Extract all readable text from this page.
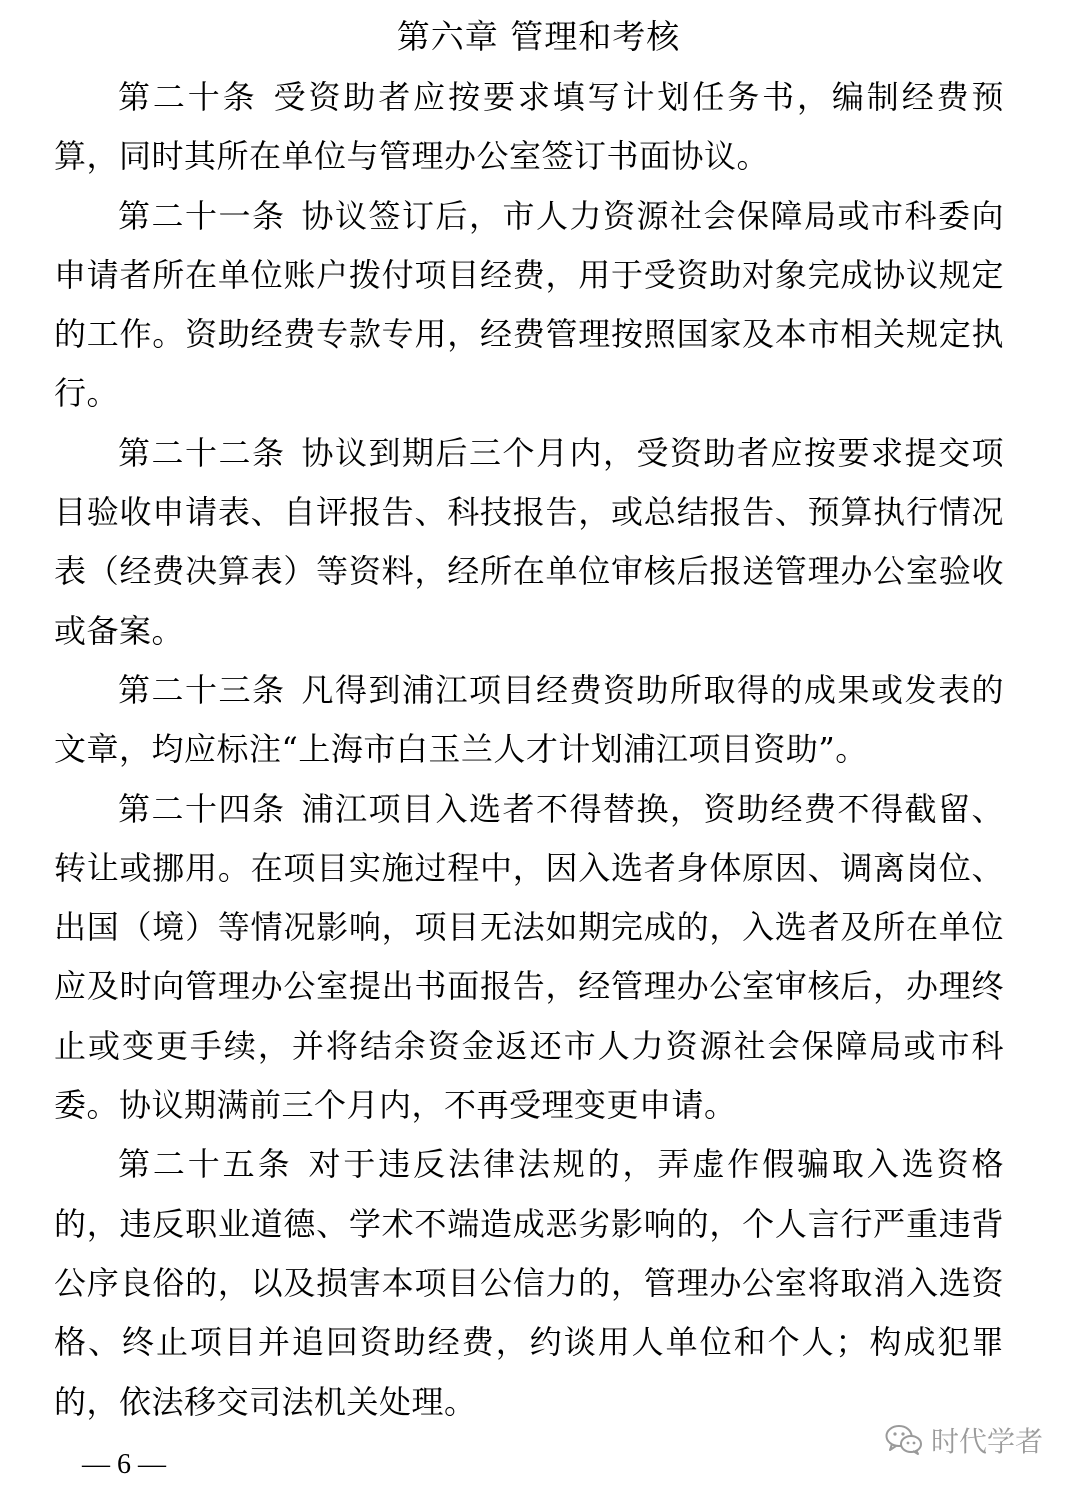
第六章 管理和考核

第二十条 受资助者应按要求填写计划任务书，编制经费预算，同时其所在单位与管理办公室签订书面协议。

第二十一条 协议签订后，市人力资源社会保障局或市科委向申请者所在单位账户拨付项目经费，用于受资助对象完成协议规定的工作。资助经费专款专用，经费管理按照国家及本市相关规定执行。

第二十二条 协议到期后三个月内，受资助者应按要求提交项目验收申请表、自评报告、科技报告，或总结报告、预算执行情况表（经费决算表）等资料，经所在单位审核后报送管理办公室验收或备案。

第二十三条 凡得到浦江项目经费资助所取得的成果或发表的文章，均应标注“上海市白玉兰人才计划浦江项目资助”。

第二十四条 浦江项目入选者不得替换，资助经费不得截留、转让或挪用。在项目实施过程中，因入选者身体原因、调离岗位、出国（境）等情况影响，项目无法如期完成的，入选者及所在单位应及时向管理办公室提出书面报告，经管理办公室审核后，办理终止或变更手续，并将结余资金返还市人力资源社会保障局或市科委。协议期满前三个月内，不再受理变更申请。

第二十五条 对于违反法律法规的，弄虚作假骗取入选资格的，违反职业道德、学术不端造成恶劣影响的，个人言行严重违背公序良俗的，以及损害本项目公信力的，管理办公室将取消入选资格、终止项目并追回资助经费，约谈用人单位和个人；构成犯罪的，依法移交司法机关处理。

— 6 —
时代学者
